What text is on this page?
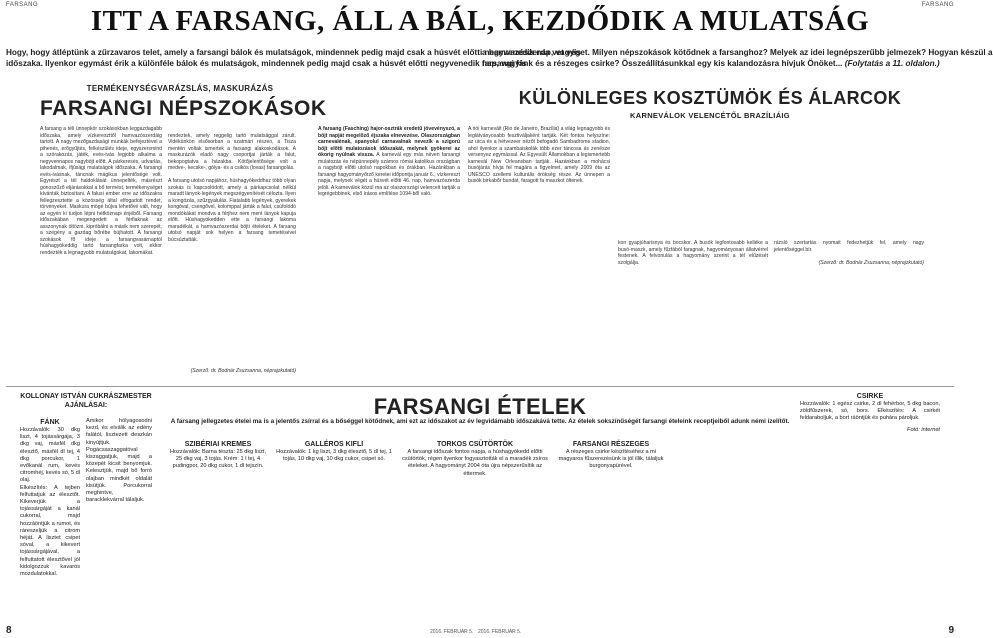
FARSANG	FARSANG
ITT A FARSANG, ÁLL A BÁL, KEZDŐDIK A MULATSÁG
Hogy, hogy átléptünk a zűrzavaros telet, amely a farsangi bálok és mulatságok, mindennek pedig majd csak a húsvét előtti negyvenedik nap, vagyis
időszaka. Ilyenkor egymást érik a különféle bálok és mulatságok, mindennek pedig majd csak a húsvét előtti negyvenedik nap, vagyis
a hamvazószerda vet véget. Milyen népszokások kötődnek a farsanghoz? Melyek az idei legnépszerűbb jelmezek? Hogyan készül a
farsangi fánk és a részeges csirke? Összeállításunkkal egy kis kalandozásra hívjuk Önöket... (Folytatás a 11. oldalon.)
TERMÉKENYSÉGVARÁZSLÁS, MASKURÁZÁS
FARSANGI NÉPSZOKÁSOK
A farsang a téli ünnepkör szokásokban leggazdagabb időszaka, amely vízkereszttől hamvazószerdáig tartott. A nagy mezőgazdasági munkák befejeztével a pihenés, erőgyűjtés, felkészülés ideje, egyszersmind a szórakozás, játék, evés-ivás legjobb alkalma a negyvennapos nagyböjt előtt. A párkeresés, udvarlás, lakodalmak, ifjúsági mulatságok időszaka. A farsangi evés-ivásnak, táncnak mágikus jelentősége volt. Egyrészt a tél haldoklását ünnepelték, másrészt gonoszűző eljárásokkal a bő termést, termékenységet kívánták biztosítani. A falusi ember erre az időszakra fellegzesztette a közösség által elfogadott rendet, törvényeket. Maskura mögé bújva lehetővé vált, hogy az egyén ki tudjon lépni hétköznapi énjéből. Farsang időszakában megengedett a férfiaknak az asszonynak öltözni, kipróbálni a másik nem szerepét, a szegény a gazdag bőrébe bújhatott. A farsangi szokások fő ideje a farsangvasárnaptól húshagyókeddig tartó farsangfarka volt, ekkor rendezték a legnagyobb mulatságokat, lakomákat.

rendeztek, amely reggelig tartó mulatsággal zárult. Vidékünkön elsősorban a szatmári részen, a Tisza mentén voltak ismertek a farsangi alakoskodások. A maskurázók eladó nagy csoportjai járták a falut, bekopogtatva a házakba. Kötőjelentősége volt a medve-, kecske-, gólya- és a csikós (lovas) farsangolás.

A farsang utolsó napjához, húshagyókeddhez több olyan szokás is kapcsolódott, amely a párkapcsolat nélkül maradt lányok-legények megszégyenítését célozta. Ilyen a kongózás, szűzgyalulás. Fiatalabb legények, gyerekek kongóval, csengővel, kolomppal járták a falut, csúfolódó mondókákat mondva a férjhez nem ment lányok kapuja előtt. Húshagyókedden ette a farsangi lakoma maradékát, a hamvazószerdai böjti ételeket. A farsang utolsó napját sok helyen a farsang temetésével búcsúztatták.

(Szerző: dr. Bodnár Zsuzsanna, néprajzkutató)
KÜLÖNLEGES KOSZTÜMÖK ÉS ÁLARCOK
KARNEVÁLOK VELENCÉTŐL BRAZÍLIÁIG
A farsang (Fasching) hajor-osztrák eredetű jövevényszó, a böjt napját megelőző éjszaka elnevezése. Olaszországban carnevalénak, spanyolul carnavalnak nevezik a szigorú böjt előtti mulatozások időszakát, melynek gyökerei az ókorig nyúlnak vissza. A karnevál egy más néven farsangi mulatozás és népünnepély számos római katolikus országban a nagyböjt előtti utolsó napokban és órákban. Hazánkban a farsangi hagyományőrző keretei időpontja január 6., vízkereszt napja, melynek végét a húsvét előtti 46. nap, hamvazószerda jelöli. A karneválok közül ma az olaszországi velenceit tartják a legrégebbinek, első írásos említése 1094-ből való.
A riói karnevált (Rio de Janeiro, Brazília) a világ legnagyobb és leglátványosabb fesztiváljaként tartják. Két fontos helyszíne: az utca és a hétvezeer nézőt befogadó Sambadrome stadion, ahol ilyenkor a szambaiskolák több ezer táncosa és zenésze versenyez egymással. Az Egyesült Államokban a legismertebb karnevál New Orleansban tartják. Hazánkban a mohácsi busójárás hívja fel magára a figyelmet, amely 2009 óta az UNESCO szellemi kulturális örökség része. Az ünnepen a busók birkabőr bundát, faragott fa maszkot öltenek.
kon gyapjúharisnya és bocskor. A busók legfontosabb kelléke a busó-maszk, amely fűzfából faragnak, hagyományosan állatvérrel festenek. A felvonulás a hagyomány szerint a tél elűzését szolgálja.
rázsló szertartás nyomait fedezhetjük fel, amely nagy jelentőséggel bír.
(Szerző: dr. Bodnár Zsuzsanna, néprajzkutató)
KOLLONAY ISTVÁN CUKRÁSZMESTER AJÁNLÁSAI:	FARSANGI ÉTELEK
A farsang jellegzetes ételei ma is a jelentős zsírral és a bőséggel kötődnek, ami ezt az időszakot az év legvidámabb időszakává tette. Az ételek sokszínűségét farsangi ételeink receptjeiből adunk némi ízelítőt.
FÁNK
Hozzávalók: 30 dkg liszt, 4 tojássárgája, 3 dkg vaj, másfél dkg élesztő, másfél dl tej, 4 dkg porcukor, 1 evőkanál rum, kevés citromhéj, kevés só, 5 dl olaj.
Elkészítés: A tejben felfuttatjuk az élesztőt. Kikeverjük a tojássárgáját a kanál cukorral, majd hozzáöntjük a rumot, és ráreszeljük a citrom héját. A lisztet csipet sóval, a kikevert tojássárgájával, a felfuttatott élesztővel jól kidolgozzuk kavarós mozdulatokkal.
Amikor hólyagosodni kezd, és elválik az edény falától, lisztezett deszkán kinyújtjuk. Pogácsaszaggatóval kiszaggatjuk, majd a közepét kicsit benyomjuk. Kelesztjük, majd bő forró olajban mindkét oldalát kisütjük. Porcukorral meghintve, baracklekvárral tálaljuk.
SZIBÉRIAI KREMES
Hozzávalók: Barna tészta: 25 dkg liszt, 25 dkg vaj, 3 tojás. Krém: 1 l tej, 4 pudingpor, 20 dkg cukor, 1 dl tejszín.
GALLÉROS KIFLI
Hozzávalók: 1 kg liszt, 3 dkg élesztő, 5 dl tej, 1 tojás, 10 dkg vaj, 10 dkg cukor, csipet só.
TORKOS CSÜTÖRTÖK
A farsangi időszak fontos napja, a húshagyókedd előtti csütörtök, régen ilyenkor fogyasztották el a maradék zsíros ételeket. A hagyományt 2004 óta újra népszerűsítik az éttermek.
FARSANGI RÉSZEGES
A részeges csirke készítéséhez a mi magyaros fűszerezésünk is jól illik, tálaljuk burgonyapürével.
CSIRKE
Hozzávalók: 1 egész csirke, 2 dl fehérbor, 5 dkg bacon, zöldfűszerek, só, bors. Elkészítés: A csirkét feldaraboljuk, a bort ráöntjük és puhára pároljuk.
Fotó: internet
8	9
2016. FEBRUÁR 5. 2016. FEBRUÁR 5.
